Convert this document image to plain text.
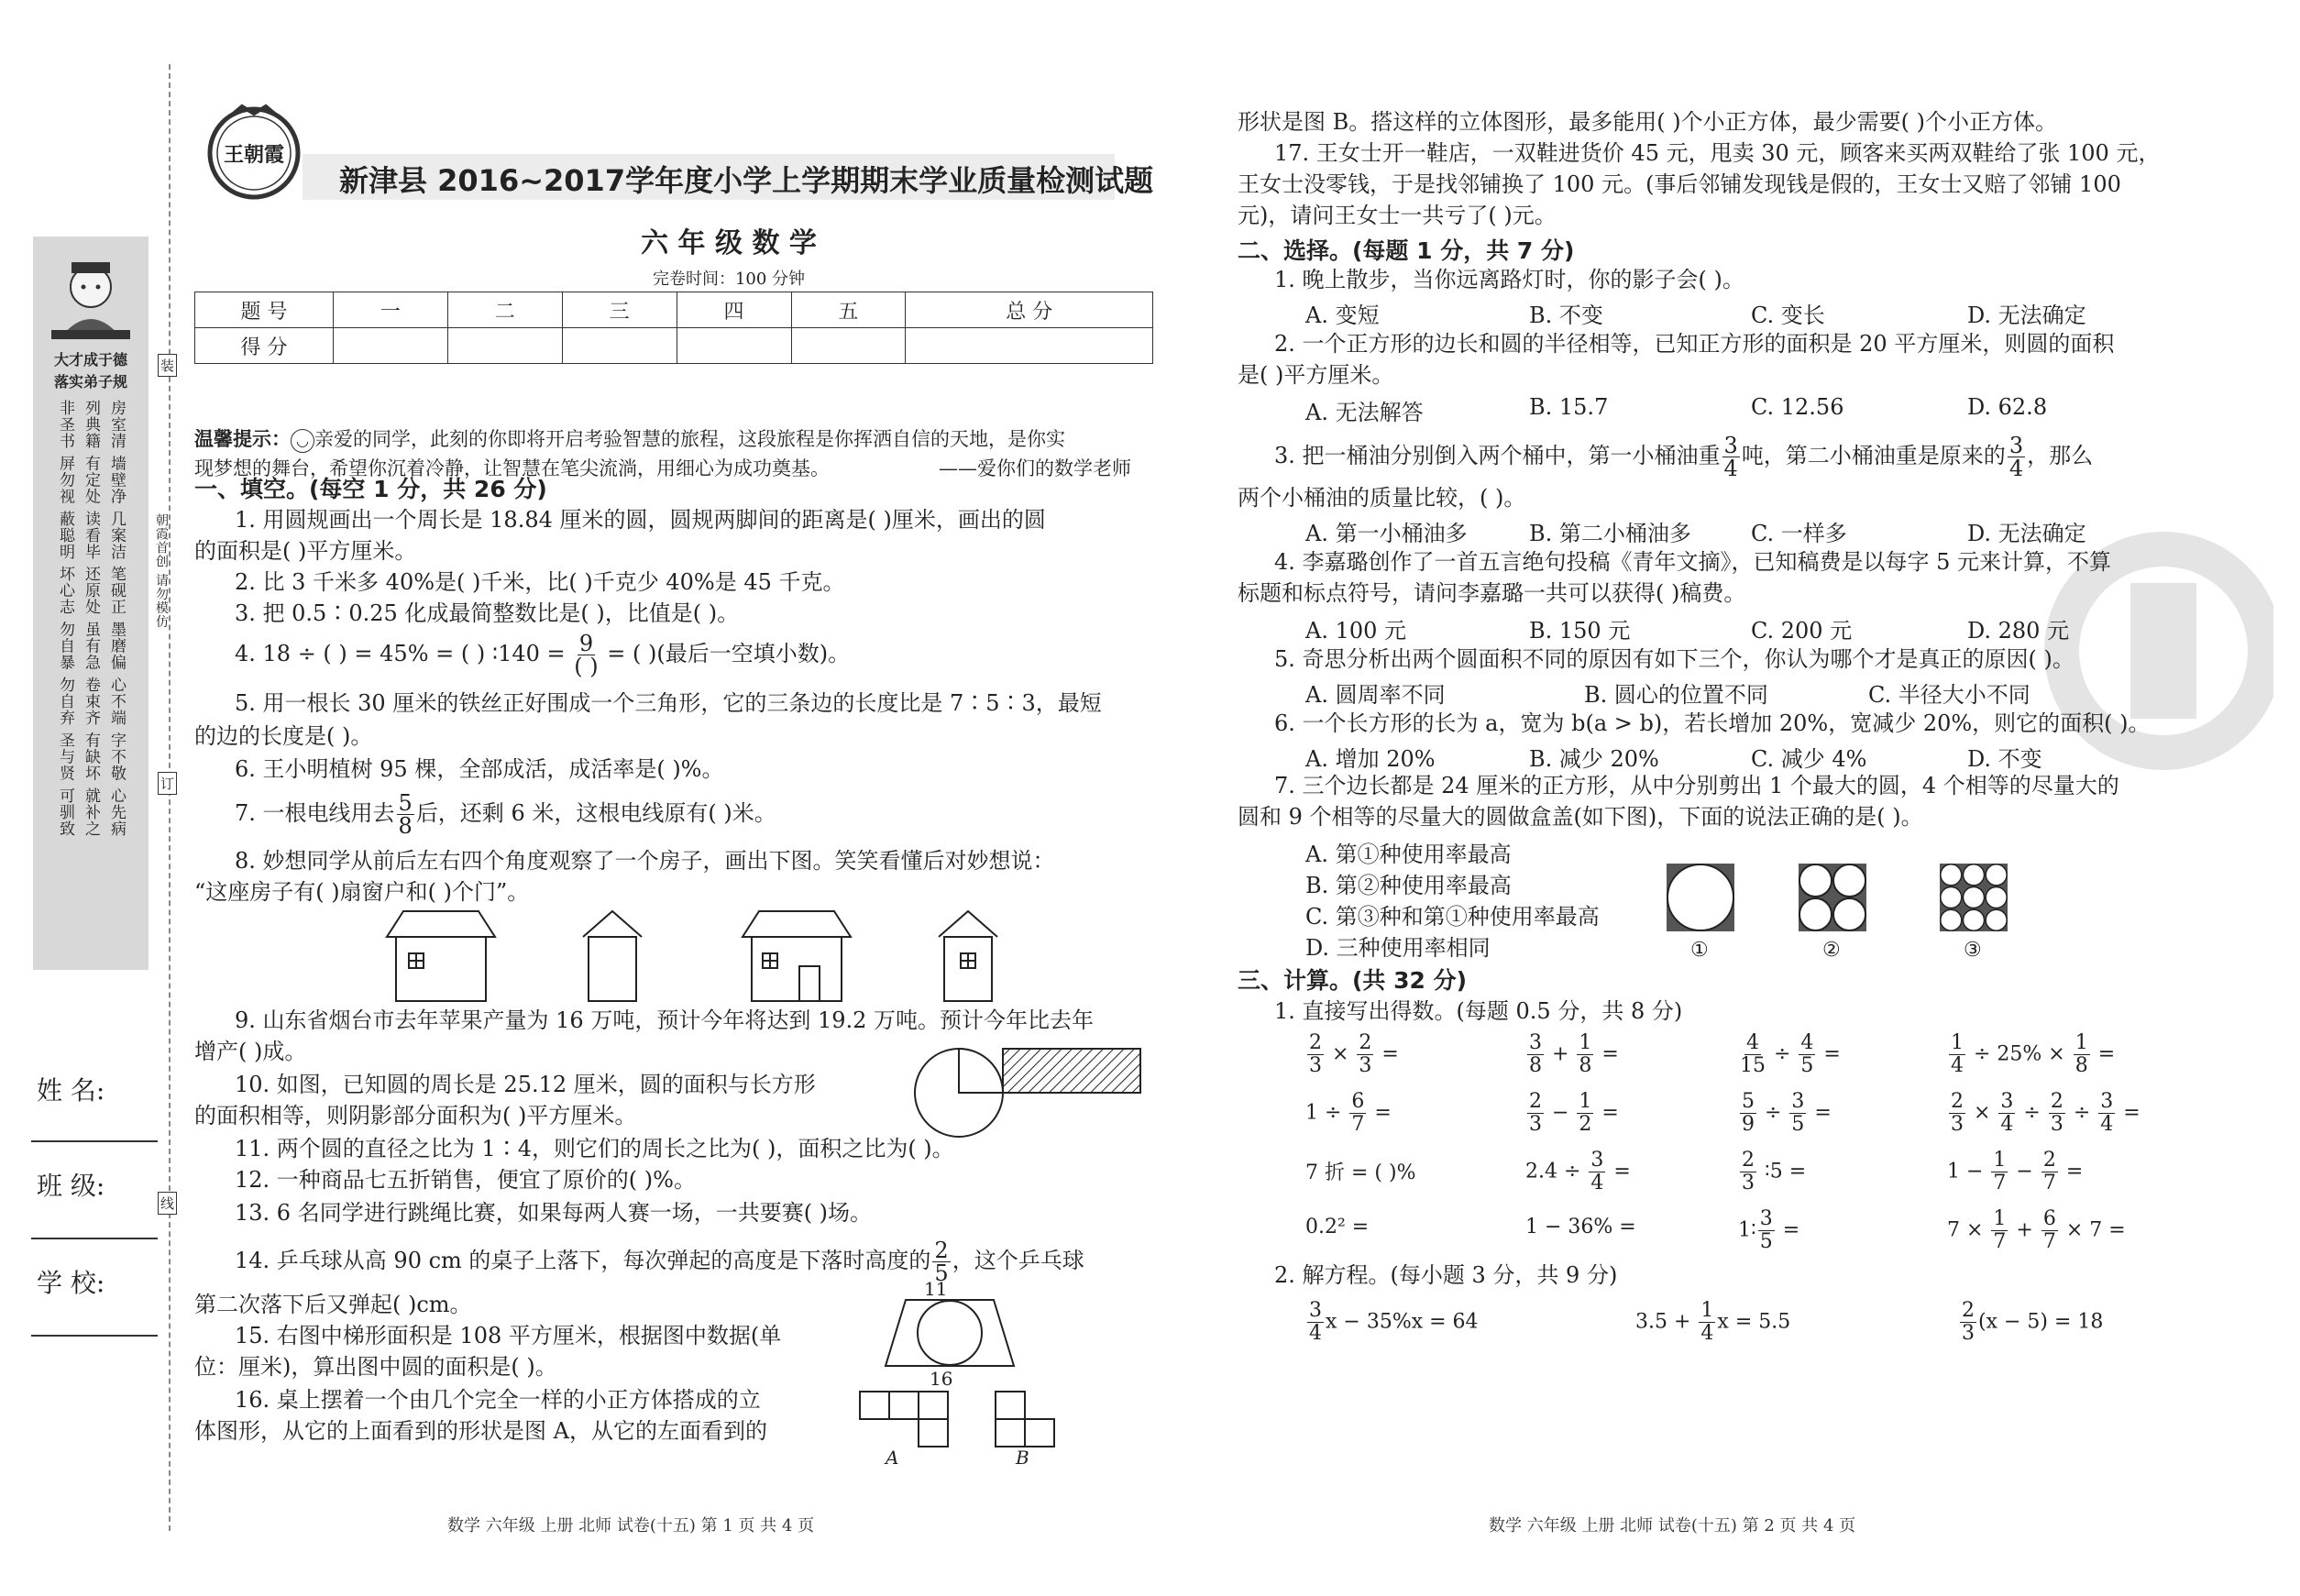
大才成于德
落实弟子规
房室清 墙壁净 几案洁 笔砚正 墨磨偏 心不端 字不敬 心先病
列典籍 有定处 读看毕 还原处 虽有急 卷束齐 有缺坏 就补之
非圣书 屏勿视 蔽聪明 坏心志 勿自暴 勿自弃 圣与贤 可驯致
姓 名:
班 级:
学 校:
装
订
线
朝霞首创 请勿模仿
王朝霞
新津县 2016~2017学年度小学上学期期末学业质量检测试题
六 年 级 数 学
完卷时间：100 分钟
题 号	一	二	三	四	五	总 分
得 分						
温馨提示： ◡ 亲爱的同学，此刻的你即将开启考验智慧的旅程，这段旅程是你挥洒自信的天地，是你实
现梦想的舞台，希望你沉着冷静，让智慧在笔尖流淌，用细心为成功奠基。	——爱你们的数学老师
一、填空。(每空 1 分，共 26 分)
1. 用圆规画出一个周长是 18.84 厘米的圆，圆规两脚间的距离是( )厘米，画出的圆
的面积是( )平方厘米。
2. 比 3 千米多 40%是( )千米，比( )千克少 40%是 45 千克。
3. 把 0.5∶0.25 化成最简整数比是( )，比值是( )。
4. 18 ÷ ( ) = 45% = ( ) ∶140 = $\frac{9}{( )}$ = ( )(最后一空填小数)。
5. 用一根长 30 厘米的铁丝正好围成一个三角形，它的三条边的长度比是 7∶5∶3，最短
的边的长度是( )。
6. 王小明植树 95 棵，全部成活，成活率是( )%。
7. 一根电线用去 $\frac{5}{8}$ 后，还剩 6 米，这根电线原有( )米。
8. 妙想同学从前后左右四个角度观察了一个房子，画出下图。笑笑看懂后对妙想说：
“这座房子有( )扇窗户和( )个门”。
9. 山东省烟台市去年苹果产量为 16 万吨，预计今年将达到 19.2 万吨。预计今年比去年
增产( )成。
10. 如图，已知圆的周长是 25.12 厘米，圆的面积与长方形
的面积相等，则阴影部分面积为( )平方厘米。
11. 两个圆的直径之比为 1∶4，则它们的周长之比为( )，面积之比为( )。
12. 一种商品七五折销售，便宜了原价的( )%。
13. 6 名同学进行跳绳比赛，如果每两人赛一场，一共要赛( )场。
14. 乒乓球从高 90 cm 的桌子上落下，每次弹起的高度是下落时高度的 $\frac{2}{5}$ ，这个乒乓球
第二次落下后又弹起( )cm。
15. 右图中梯形面积是 108 平方厘米，根据图中数据(单
位：厘米)，算出图中圆的面积是( )。
11
16
16. 桌上摆着一个由几个完全一样的小正方体搭成的立
体图形，从它的上面看到的形状是图 A，从它的左面看到的
A	B
数学 六年级 上册 北师 试卷(十五) 第 1 页 共 4 页
形状是图 B。搭这样的立体图形，最多能用( )个小正方体，最少需要( )个小正方体。
17. 王女士开一鞋店，一双鞋进货价 45 元，甩卖 30 元，顾客来买两双鞋给了张 100 元，
王女士没零钱，于是找邻铺换了 100 元。(事后邻铺发现钱是假的，王女士又赔了邻铺 100
元)，请问王女士一共亏了( )元。
二、选择。(每题 1 分，共 7 分)
1. 晚上散步，当你远离路灯时，你的影子会( )。
A. 变短	B. 不变	C. 变长	D. 无法确定
2. 一个正方形的边长和圆的半径相等，已知正方形的面积是 20 平方厘米，则圆的面积
是( )平方厘米。
A. 无法解答	B. 15.7	C. 12.56	D. 62.8
3. 把一桶油分别倒入两个桶中，第一小桶油重 $\frac{3}{4}$ 吨，第二小桶油重是原来的 $\frac{3}{4}$ ，那么
两个小桶油的质量比较，( )。
A. 第一小桶油多	B. 第二小桶油多	C. 一样多	D. 无法确定
4. 李嘉璐创作了一首五言绝句投稿《青年文摘》，已知稿费是以每字 5 元来计算，不算
标题和标点符号，请问李嘉璐一共可以获得( )稿费。
A. 100 元	B. 150 元	C. 200 元	D. 280 元
5. 奇思分析出两个圆面积不同的原因有如下三个，你认为哪个才是真正的原因( )。
A. 圆周率不同	B. 圆心的位置不同	C. 半径大小不同
6. 一个长方形的长为 a，宽为 b(a > b)，若长增加 20%，宽减少 20%，则它的面积( )。
A. 增加 20%	B. 减少 20%	C. 减少 4%	D. 不变
7. 三个边长都是 24 厘米的正方形，从中分别剪出 1 个最大的圆，4 个相等的尽量大的
圆和 9 个相等的尽量大的圆做盒盖(如下图)，下面的说法正确的是( )。
A. 第①种使用率最高
B. 第②种使用率最高
C. 第③种和第①种使用率最高
D. 三种使用率相同	①	②	③
三、计算。(共 32 分)
1. 直接写出得数。(每题 0.5 分，共 8 分)
$\frac{2}{3} \times \frac{2}{3}$ =	$\frac{3}{8} + \frac{1}{8}$ =	$\frac{4}{15} \div \frac{4}{5}$ =	$\frac{1}{4} \div 25\% \times \frac{1}{8}$ =
$1 \div \frac{6}{7}$ =	$\frac{2}{3} - \frac{1}{2}$ =	$\frac{5}{9} \div \frac{3}{5}$ =	$\frac{2}{3} \times \frac{3}{4} \div \frac{2}{3} \div \frac{3}{4}$ =
7 折 = ( )%	$2.4 \div \frac{3}{4}$ =	$\frac{2}{3}$ ∶5 =	$1 - \frac{1}{7} - \frac{2}{7}$ =
0.2² =	1 − 36% =	1∶ $\frac{3}{5}$ =	$7 \times \frac{1}{7} + \frac{6}{7} \times 7$ =
2. 解方程。(每小题 3 分，共 9 分)
$\frac{3}{4}$ x − 35%x = 64	$3.5 + \frac{1}{4}$ x = 5.5	$\frac{2}{3} (x - 5) = 18$
数学 六年级 上册 北师 试卷(十五) 第 2 页 共 4 页
